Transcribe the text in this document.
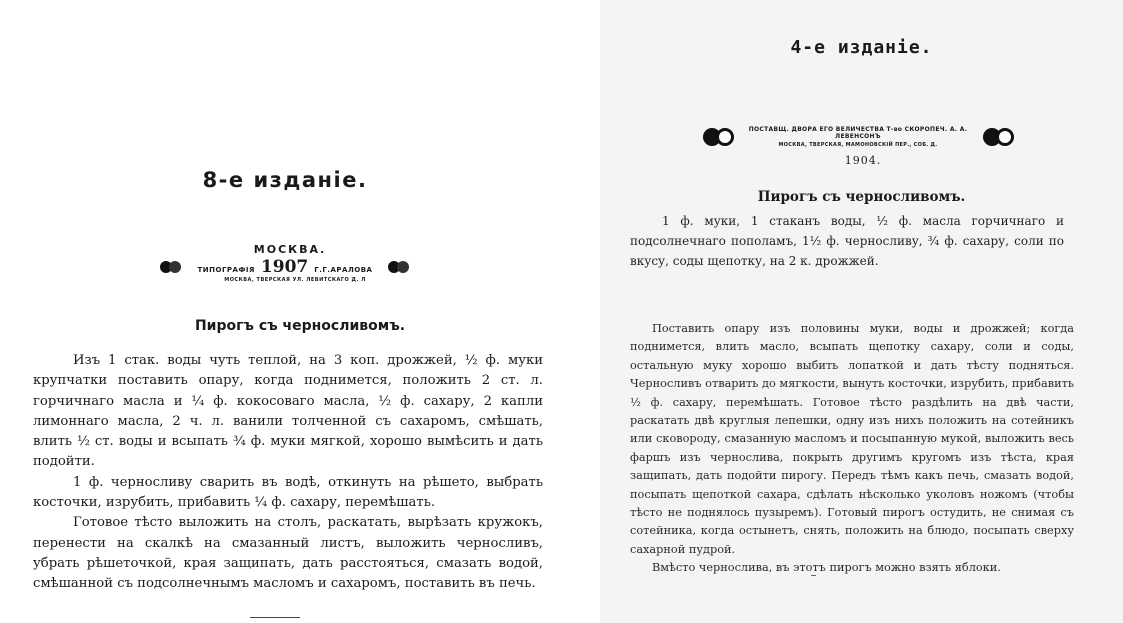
8-е изданіе.
МОСКВА.
ТИПОГРАФІЯ 1907 Г.Г.АРАЛОВА
МОСКВА, ТВЕРСКАЯ УЛ. ЛЕВИТСКАГО Д. Л
Пирогъ съ черносливомъ.

Изъ 1 стак. воды чуть теплой, на 3 коп. дрожжей, ½ ф. муки крупчатки поставить опару, когда поднимется, положить 2 ст. л. горчичнаго масла и ¼ ф. кокосоваго масла, ½ ф. сахару, 2 капли лимоннаго масла, 2 ч. л. ванили толченной съ сахаромъ, смѣшать, влить ½ ст. воды и всыпать ¾ ф. муки мягкой, хорошо вымѣсить и дать подойти.

1 ф. черносливу сварить въ водѣ, откинуть на рѣшето, выбрать косточки, изрубить, прибавить ¼ ф. сахару, перемѣшать.

Готовое тѣсто выложить на столъ, раскатать, вырѣзать кружокъ, перенести на скалкѣ на смазанный листъ, выложить черносливъ, убрать рѣшеточкой, края защипать, дать расстояться, смазать водой, смѣшанной съ подсолнечнымъ масломъ и сахаромъ, поставить въ печь.

4-е изданіе.
ПОСТАВЩ. ДВОРА ЕГО ВЕЛИЧЕСТВА Т-во СКОРОПЕЧ. А. А. ЛЕВЕНСОНЪ
МОСКВА, ТВЕРСКАЯ, МАМОНОВСКІЙ ПЕР., СОБ. Д.
1904.
Пирогъ съ черносливомъ.
1 ф. муки, 1 стаканъ воды, ½ ф. масла горчичнаго и подсолнечнаго пополамъ, 1½ ф. черносливу, ¾ ф. сахару, соли по вкусу, соды щепотку, на 2 к. дрожжей.

Поставить опару изъ половины муки, воды и дрожжей; когда поднимется, влить масло, всыпать щепотку сахару, соли и соды, остальную муку хорошо выбить лопаткой и дать тѣсту подняться. Черносливъ отварить до мягкости, вынуть косточки, изрубить, прибавить ½ ф. сахару, перемѣшать. Готовое тѣсто раздѣлить на двѣ части, раскатать двѣ круглыя лепешки, одну изъ нихъ положить на сотейникъ или сковороду, смазанную масломъ и посыпанную мукой, выложить весь фаршъ изъ чернослива, покрыть другимъ кругомъ изъ тѣста, края защипать, дать подойти пирогу. Передъ тѣмъ какъ печь, смазать водой, посыпать щепоткой сахара, сдѣлать нѣсколько уколовъ ножомъ (чтобы тѣсто не поднялось пузыремъ). Готовый пирогъ остудить, не снимая съ сотейника, когда остынетъ, снять, положить на блюдо, посыпать сверху сахарной пудрой.

Вмѣсто чернослива, въ этотъ пирогъ можно взять яблоки.
